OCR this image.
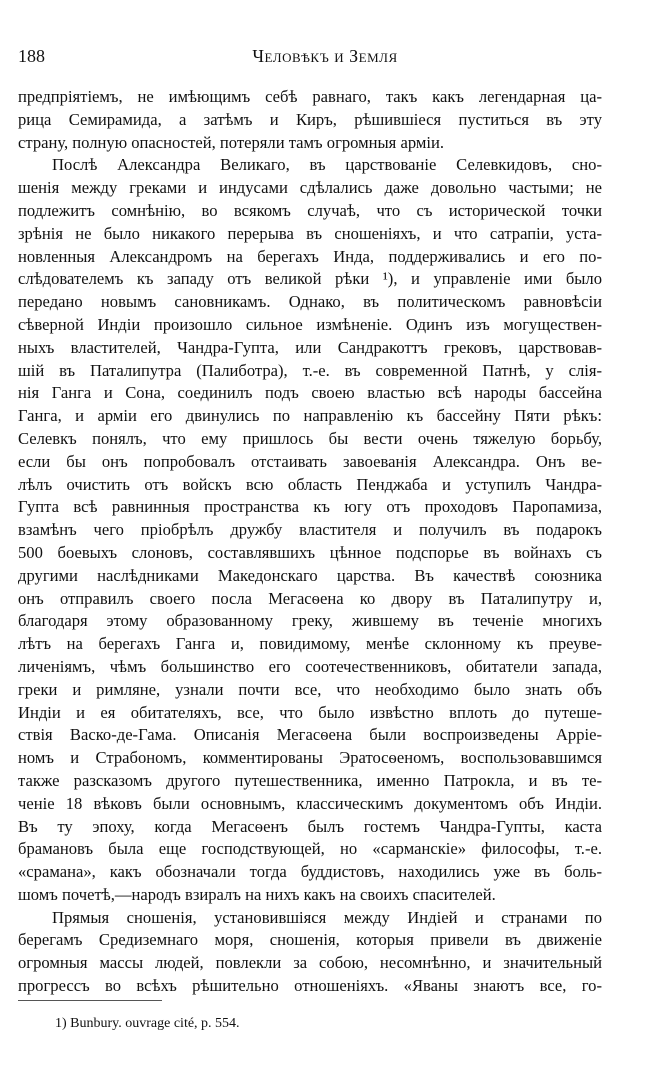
188	Человѣкъ и Земля
предпріятіемъ, не имѣющимъ себѣ равнаго, такъ какъ легендарная ца-
рица Семирамида, а затѣмъ и Киръ, рѣшившіеся пуститься въ эту
страну, полную опасностей, потеряли тамъ огромныя арміи.
Послѣ Александра Великаго, въ царствованіе Селевкидовъ, сно-
шенія между греками и индусами сдѣлались даже довольно частыми; не
подлежитъ сомнѣнію, во всякомъ случаѣ, что съ исторической точки
зрѣнія не было никакого перерыва въ сношеніяхъ, и что сатрапіи, уста-
новленныя Александромъ на берегахъ Инда, поддерживались и его по-
слѣдователемъ къ западу отъ великой рѣки ¹), и управленіе ими было
передано новымъ сановникамъ. Однако, въ политическомъ равновѣсіи
сѣверной Индіи произошло сильное измѣненіе. Одинъ изъ могуществен-
ныхъ властителей, Чандра-Гупта, или Сандракоттъ грековъ, царствовав-
шій въ Паталипутра (Палиботра), т.-е. въ современной Патнѣ, у слія-
нія Ганга и Сона, соединилъ подъ своею властью всѣ народы бассейна
Ганга, и арміи его двинулись по направленію къ бассейну Пяти рѣкъ:
Селевкъ понялъ, что ему пришлось бы вести очень тяжелую борьбу,
если бы онъ попробовалъ отстаивать завоеванія Александра. Онъ ве-
лѣлъ очистить отъ войскъ всю область Пенджаба и уступилъ Чандра-
Гупта всѣ равнинныя пространства къ югу отъ проходовъ Паропамиза,
взамѣнъ чего пріобрѣлъ дружбу властителя и получилъ въ подарокъ
500 боевыхъ слоновъ, составлявшихъ цѣнное подспорье въ войнахъ съ
другими наслѣдниками Македонскаго царства. Въ качествѣ союзника
онъ отправилъ своего посла Мегасѳена ко двору въ Паталипутру и,
благодаря этому образованному греку, жившему въ теченіе многихъ
лѣтъ на берегахъ Ганга и, повидимому, менѣе склонному къ преуве-
личеніямъ, чѣмъ большинство его соотечественниковъ, обитатели запада,
греки и римляне, узнали почти все, что необходимо было знать объ
Индіи и ея обитателяхъ, все, что было извѣстно вплоть до путеше-
ствія Васко-де-Гама. Описанія Мегасѳена были воспроизведены Арріе-
номъ и Страбономъ, комментированы Эратосѳеномъ, воспользовавшимся
также разсказомъ другого путешественника, именно Патрокла, и въ те-
ченіе 18 вѣковъ были основнымъ, классическимъ документомъ объ Индіи.
Въ ту эпоху, когда Мегасѳенъ былъ гостемъ Чандра-Гупты, каста
брамановъ была еще господствующей, но «сарманскіе» философы, т.-е.
«срамана», какъ обозначали тогда буддистовъ, находились уже въ боль-
шомъ почетѣ,—народъ взиралъ на нихъ какъ на своихъ спасителей.
Прямыя сношенія, установившіяся между Индіей и странами по
берегамъ Средиземнаго моря, сношенія, которыя привели въ движеніе
огромныя массы людей, повлекли за собою, несомнѣнно, и значительный
прогрессъ во всѣхъ рѣшительно отношеніяхъ. «Яваны знаютъ все, го-
1) Bunbury. ouvrage cité, p. 554.
